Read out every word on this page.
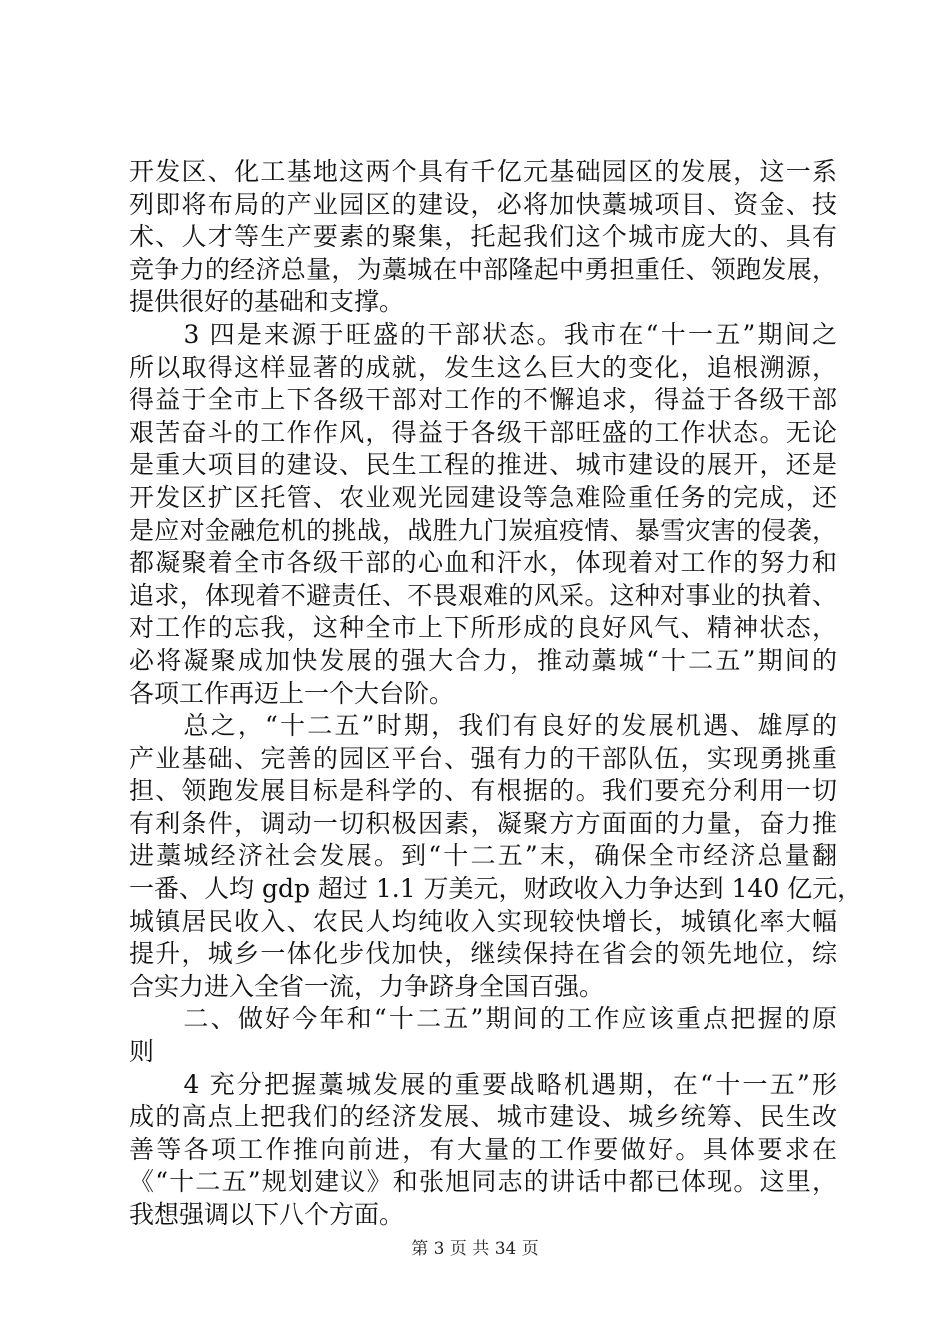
开发区、化工基地这两个具有千亿元基础园区的发展，这一系
列即将布局的产业园区的建设，必将加快藁城项目、资金、技
术、人才等生产要素的聚集，托起我们这个城市庞大的、具有
竞争力的经济总量，为藁城在中部隆起中勇担重任、领跑发展，
提供很好的基础和支撑。
　　3 四是来源于旺盛的干部状态。我市在“十一五”期间之
所以取得这样显著的成就，发生这么巨大的变化，追根溯源，
得益于全市上下各级干部对工作的不懈追求，得益于各级干部
艰苦奋斗的工作作风，得益于各级干部旺盛的工作状态。无论
是重大项目的建设、民生工程的推进、城市建设的展开，还是
开发区扩区托管、农业观光园建设等急难险重任务的完成，还
是应对金融危机的挑战，战胜九门炭疽疫情、暴雪灾害的侵袭，
都凝聚着全市各级干部的心血和汗水，体现着对工作的努力和
追求，体现着不避责任、不畏艰难的风采。这种对事业的执着、
对工作的忘我，这种全市上下所形成的良好风气、精神状态，
必将凝聚成加快发展的强大合力，推动藁城“十二五”期间的
各项工作再迈上一个大台阶。
　　总之，“十二五”时期，我们有良好的发展机遇、雄厚的
产业基础、完善的园区平台、强有力的干部队伍，实现勇挑重
担、领跑发展目标是科学的、有根据的。我们要充分利用一切
有利条件，调动一切积极因素，凝聚方方面面的力量，奋力推
进藁城经济社会发展。到“十二五”末，确保全市经济总量翻
一番、人均 gdp 超过 1.1 万美元，财政收入力争达到 140 亿元，
城镇居民收入、农民人均纯收入实现较快增长，城镇化率大幅
提升，城乡一体化步伐加快，继续保持在省会的领先地位，综
合实力进入全省一流，力争跻身全国百强。
　　二、做好今年和“十二五”期间的工作应该重点把握的原
则
　　4 充分把握藁城发展的重要战略机遇期，在“十一五”形
成的高点上把我们的经济发展、城市建设、城乡统筹、民生改
善等各项工作推向前进，有大量的工作要做好。具体要求在
《“十二五”规划建议》和张旭同志的讲话中都已体现。这里，
我想强调以下八个方面。
第 3 页 共 34 页
